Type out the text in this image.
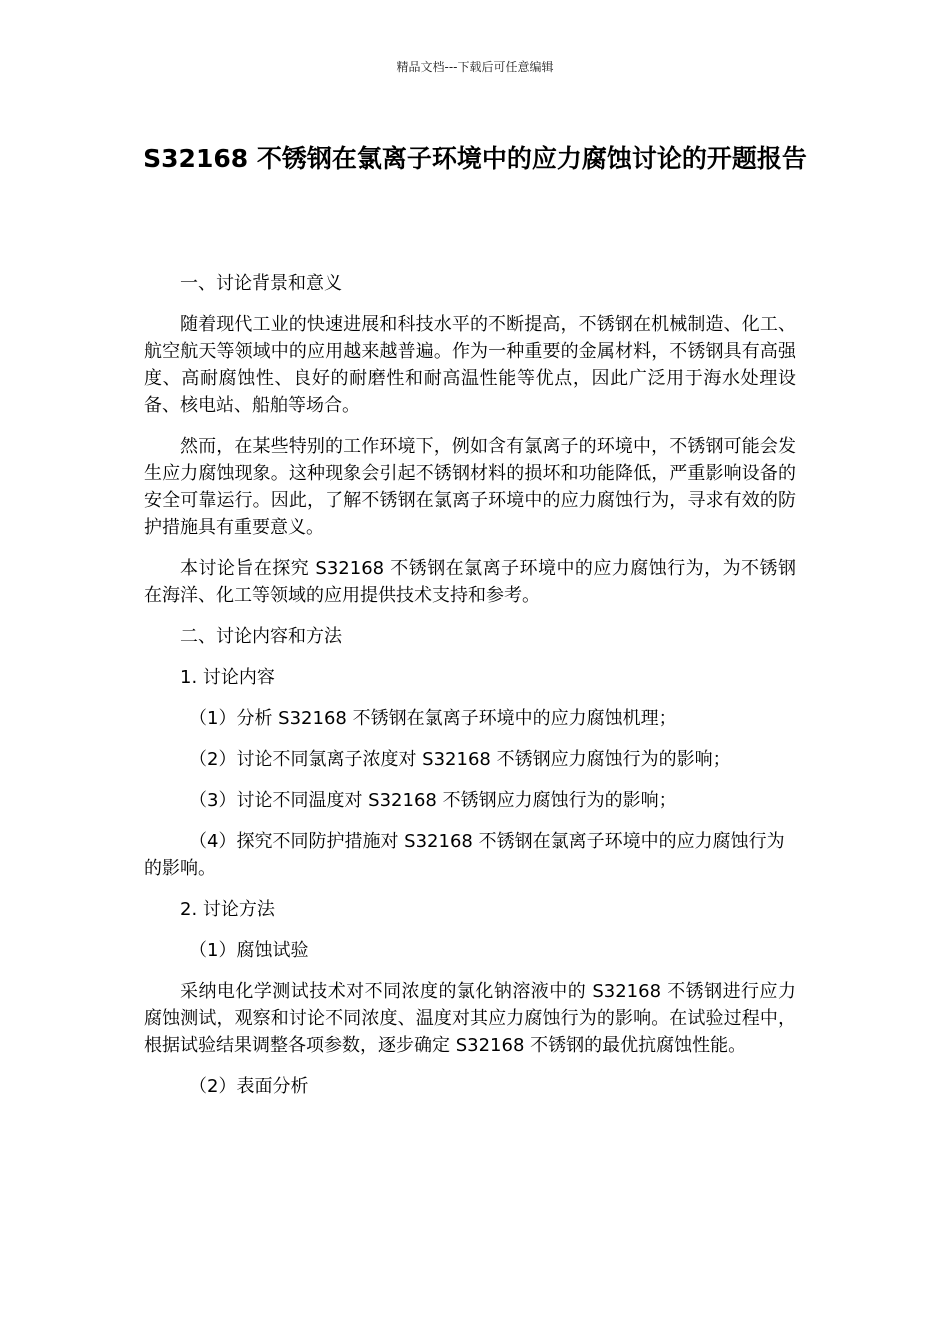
精品文档---下载后可任意编辑
S32168 不锈钢在氯离子环境中的应力腐蚀讨论的开题报告
一、讨论背景和意义
随着现代工业的快速进展和科技水平的不断提高，不锈钢在机械制造、化工、航空航天等领域中的应用越来越普遍。作为一种重要的金属材料，不锈钢具有高强度、高耐腐蚀性、良好的耐磨性和耐高温性能等优点，因此广泛用于海水处理设备、核电站、船舶等场合。
然而，在某些特别的工作环境下，例如含有氯离子的环境中，不锈钢可能会发生应力腐蚀现象。这种现象会引起不锈钢材料的损坏和功能降低，严重影响设备的安全可靠运行。因此，了解不锈钢在氯离子环境中的应力腐蚀行为，寻求有效的防护措施具有重要意义。
本讨论旨在探究 S32168 不锈钢在氯离子环境中的应力腐蚀行为，为不锈钢在海洋、化工等领域的应用提供技术支持和参考。
二、讨论内容和方法
1. 讨论内容
（1）分析 S32168 不锈钢在氯离子环境中的应力腐蚀机理；
（2）讨论不同氯离子浓度对 S32168 不锈钢应力腐蚀行为的影响；
（3）讨论不同温度对 S32168 不锈钢应力腐蚀行为的影响；
（4）探究不同防护措施对 S32168 不锈钢在氯离子环境中的应力腐蚀行为的影响。
2. 讨论方法
（1）腐蚀试验
采纳电化学测试技术对不同浓度的氯化钠溶液中的 S32168 不锈钢进行应力腐蚀测试，观察和讨论不同浓度、温度对其应力腐蚀行为的影响。在试验过程中，根据试验结果调整各项参数，逐步确定 S32168 不锈钢的最优抗腐蚀性能。
（2）表面分析
